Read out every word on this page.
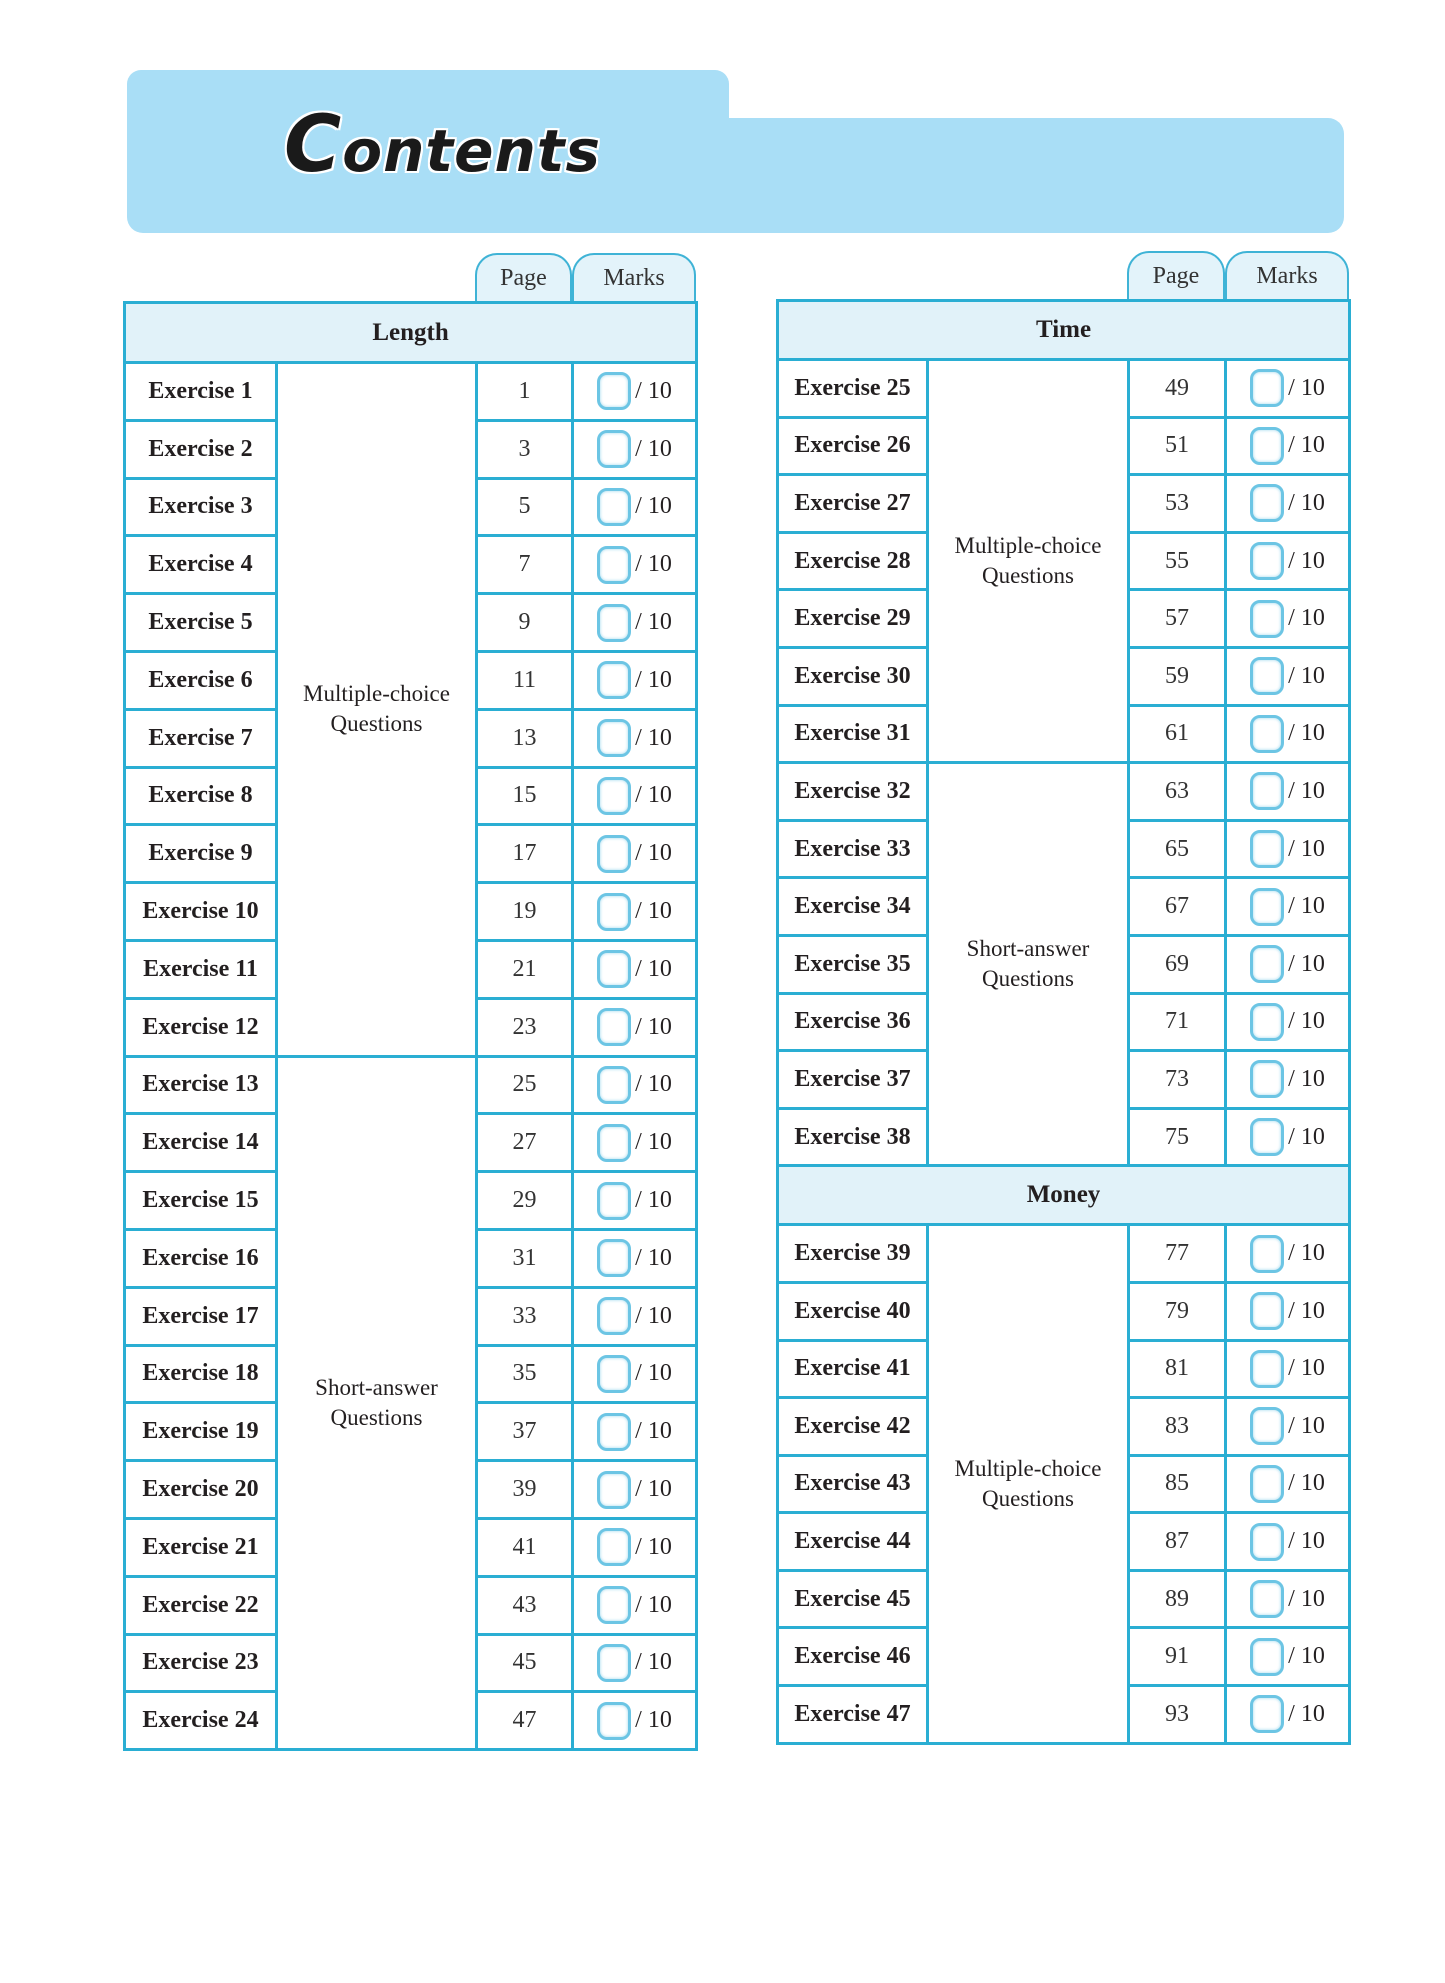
Contents
Page	Marks	Page	Marks
Length			
Exercise 1	Multiple-choice Questions	1	/ 10

Exercise 2		3	/ 10

Exercise 3		5	/ 10

Exercise 4		7	/ 10

Exercise 5		9	/ 10

Exercise 6		11	/ 10

Exercise 7		13	/ 10

Exercise 8		15	/ 10

Exercise 9		17	/ 10

Exercise 10		19	/ 10

Exercise 11		21	/ 10

Exercise 12		23	/ 10

Exercise 13	Short-answer Questions	25	/ 10

Exercise 14		27	/ 10

Exercise 15		29	/ 10

Exercise 16		31	/ 10

Exercise 17		33	/ 10

Exercise 18		35	/ 10

Exercise 19		37	/ 10

Exercise 20		39	/ 10

Exercise 21		41	/ 10

Exercise 22		43	/ 10

Exercise 23		45	/ 10

Exercise 24		47	/ 10
Time			
Exercise 25	Multiple-choice Questions	49	/ 10

Exercise 26		51	/ 10

Exercise 27		53	/ 10

Exercise 28		55	/ 10

Exercise 29		57	/ 10

Exercise 30		59	/ 10

Exercise 31		61	/ 10

Exercise 32	Short-answer Questions	63	/ 10

Exercise 33		65	/ 10

Exercise 34		67	/ 10

Exercise 35		69	/ 10

Exercise 36		71	/ 10

Exercise 37		73	/ 10

Exercise 38		75	/ 10

Money			
Exercise 39	Multiple-choice Questions	77	/ 10

Exercise 40		79	/ 10

Exercise 41		81	/ 10

Exercise 42		83	/ 10

Exercise 43		85	/ 10

Exercise 44		87	/ 10

Exercise 45		89	/ 10

Exercise 46		91	/ 10

Exercise 47		93	/ 10
